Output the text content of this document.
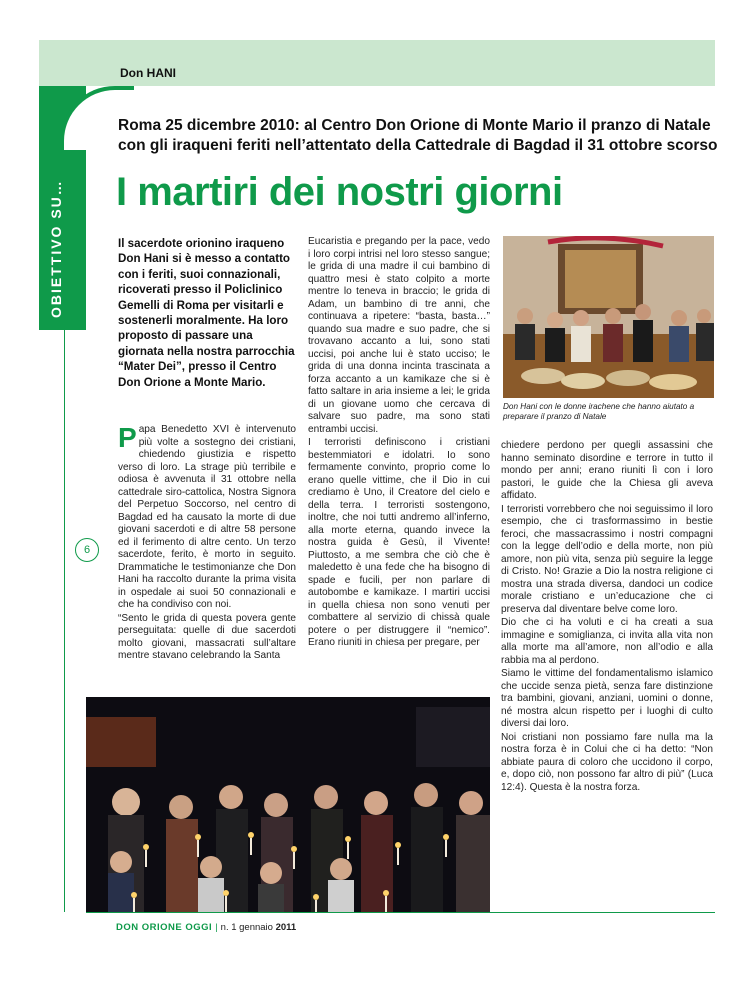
Don HANI
OBIETTIVO SU…
6
Roma 25 dicembre 2010: al Centro Don Orione di Monte Mario il pranzo di Natale con gli iraqueni feriti nell’attentato della Cattedrale di Bagdad il 31 ottobre scorso
I martiri dei nostri giorni
Il sacerdote orionino iraqueno Don Hani si è messo a contatto con i feriti, suoi connazionali, ricoverati presso il Policlinico Gemelli di Roma per visitarli e sostenerli moralmente. Ha loro proposto di passare una giornata nella nostra parrocchia “Mater Dei”, presso il Centro Don Orione a Monte Mario.

Papa Benedetto XVI è intervenuto più volte a sostegno dei cristiani, chiedendo giustizia e rispetto verso di loro. La strage più terribile e odiosa è avvenuta il 31 ottobre nella cattedrale siro-cattolica, Nostra Signora del Perpetuo Soccorso, nel centro di Bagdad ed ha causato la morte di due giovani sacerdoti e di altre 58 persone ed il ferimento di altre cento. Un terzo sacerdote, ferito, è morto in seguito. Drammatiche le testimonianze che Don Hani ha raccolto durante la prima visita in ospedale ai suoi 50 connazionali e che ha condiviso con noi.

“Sento le grida di questa povera gente perseguitata: quelle di due sacerdoti molto giovani, massacrati sull’altare mentre stavano celebrando la Santa

Eucaristia e pregando per la pace, vedo i loro corpi intrisi nel loro stesso sangue; le grida di una madre il cui bambino di quattro mesi è stato colpito a morte mentre lo teneva in braccio; le grida di Adam, un bambino di tre anni, che continuava a ripetere: “basta, basta…” quando sua madre e suo padre, che si trovavano accanto a lui, sono stati uccisi, poi anche lui è stato ucciso; le grida di una donna incinta trascinata a forza accanto a un kamikaze che si è fatto saltare in aria insieme a lei; le grida di un giovane uomo che cercava di salvare suo padre, ma sono stati entrambi uccisi.

I terroristi definiscono i cristiani bestemmiatori e idolatri. Io sono fermamente convinto, proprio come lo erano quelle vittime, che il Dio in cui crediamo è Uno, il Creatore del cielo e della terra. I terroristi sostengono, inoltre, che noi tutti andremo all’inferno, alla morte eterna, quando invece la nostra guida è Gesù, il Vivente! Piuttosto, a me sembra che ciò che è maledetto è una fede che ha bisogno di spade e fucili, per non parlare di autobombe e kamikaze. I martiri uccisi in quella chiesa non sono venuti per combattere al servizio di chissà quale potere o per distruggere il “nemico”. Erano riuniti in chiesa per pregare, per

Don Hani con le donne irachene che hanno aiutato a preparare il pranzo di Natale

chiedere perdono per quegli assassini che hanno seminato disordine e terrore in tutto il mondo per anni; erano riuniti lì con i loro pastori, le guide che la Chiesa gli aveva affidato.

I terroristi vorrebbero che noi seguissimo il loro esempio, che ci trasformassimo in bestie feroci, che massacrassimo i nostri compagni con la legge dell’odio e della morte, non più amore, non più vita, senza più seguire la legge di Cristo. No! Grazie a Dio la nostra religione ci mostra una strada diversa, dandoci un codice morale cristiano e un’educazione che ci preserva dal diventare belve come loro.

Dio che ci ha voluti e ci ha creati a sua immagine e somiglianza, ci invita alla vita non alla morte ma all’amore, non all’odio e alla rabbia ma al perdono.

Siamo le vittime del fondamentalismo islamico che uccide senza pietà, senza fare distinzione tra bambini, giovani, anziani, uomini o donne, né mostra alcun rispetto per i luoghi di culto diversi dai loro.

Noi cristiani non possiamo fare nulla ma la nostra forza è in Colui che ci ha detto: “Non abbiate paura di coloro che uccidono il corpo, e, dopo ciò, non possono far altro di più” (Luca 12:4). Questa è la nostra forza.

DON ORIONE OGGI | n. 1 gennaio 2011
